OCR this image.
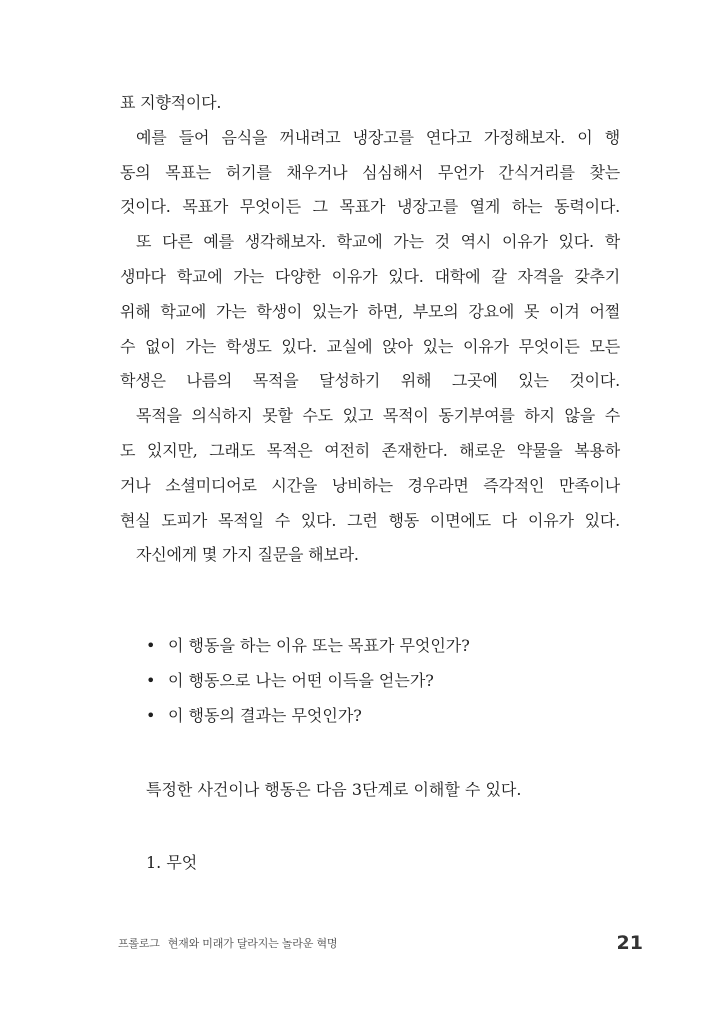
표 지향적이다.
예를 들어 음식을 꺼내려고 냉장고를 연다고 가정해보자. 이 행
동의 목표는 허기를 채우거나 심심해서 무언가 간식거리를 찾는
것이다. 목표가 무엇이든 그 목표가 냉장고를 열게 하는 동력이다.
또 다른 예를 생각해보자. 학교에 가는 것 역시 이유가 있다. 학
생마다 학교에 가는 다양한 이유가 있다. 대학에 갈 자격을 갖추기
위해 학교에 가는 학생이 있는가 하면, 부모의 강요에 못 이겨 어쩔
수 없이 가는 학생도 있다. 교실에 앉아 있는 이유가 무엇이든 모든
학생은 나름의 목적을 달성하기 위해 그곳에 있는 것이다.
목적을 의식하지 못할 수도 있고 목적이 동기부여를 하지 않을 수
도 있지만, 그래도 목적은 여전히 존재한다. 해로운 약물을 복용하
거나 소셜미디어로 시간을 낭비하는 경우라면 즉각적인 만족이나
현실 도피가 목적일 수 있다. 그런 행동 이면에도 다 이유가 있다.
자신에게 몇 가지 질문을 해보라.
• 이 행동을 하는 이유 또는 목표가 무엇인가?
• 이 행동으로 나는 어떤 이득을 얻는가?
• 이 행동의 결과는 무엇인가?
특정한 사건이나 행동은 다음 3단계로 이해할 수 있다.
1. 무엇
프롤로그 현재와 미래가 달라지는 놀라운 혁명	21
